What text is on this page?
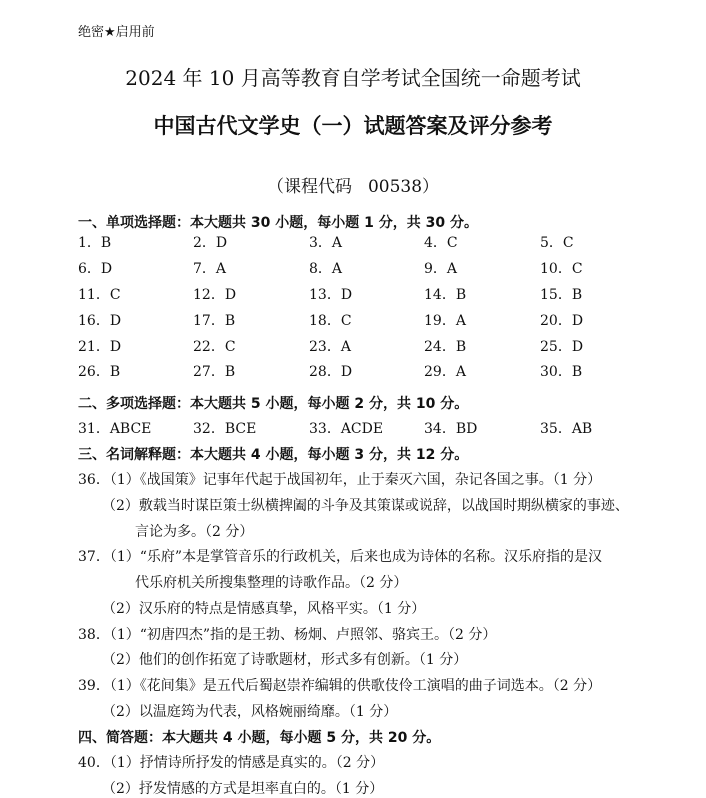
绝密★启用前
2024 年 10 月高等教育自学考试全国统一命题考试
中国古代文学史（一）试题答案及评分参考
（课程代码 00538）
一、单项选择题：本大题共 30 小题，每小题 1 分，共 30 分。
1．B	2．D	3．A	4．C	5．C
6．D	7．A	8．A	9．A	10．C
11．C	12．D	13．D	14．B	15．B
16．D	17．B	18．C	19．A	20．D
21．D	22．C	23．A	24．B	25．D
26．B	27．B	28．D	29．A	30．B
二、多项选择题：本大题共 5 小题，每小题 2 分，共 10 分。
31．ABCE	32．BCE	33．ACDE	34．BD	35．AB
三、名词解释题：本大题共 4 小题，每小题 3 分，共 12 分。
36．（1）《战国策》记事年代起于战国初年，止于秦灭六国，杂记各国之事。（1 分）
（2）敷载当时谋臣策士纵横捭阖的斗争及其策谋或说辞，以战国时期纵横家的事迹、
言论为多。（2 分）
37．（1）“乐府”本是掌管音乐的行政机关，后来也成为诗体的名称。汉乐府指的是汉
代乐府机关所搜集整理的诗歌作品。（2 分）
（2）汉乐府的特点是情感真挚，风格平实。（1 分）
38．（1）“初唐四杰”指的是王勃、杨炯、卢照邻、骆宾王。（2 分）
（2）他们的创作拓宽了诗歌题材，形式多有创新。（1 分）
39．（1）《花间集》是五代后蜀赵崇祚编辑的供歌伎伶工演唱的曲子词选本。（2 分）
（2）以温庭筠为代表，风格婉丽绮靡。（1 分）
四、简答题：本大题共 4 小题，每小题 5 分，共 20 分。
40．（1）抒情诗所抒发的情感是真实的。（2 分）
（2）抒发情感的方式是坦率直白的。（1 分）
